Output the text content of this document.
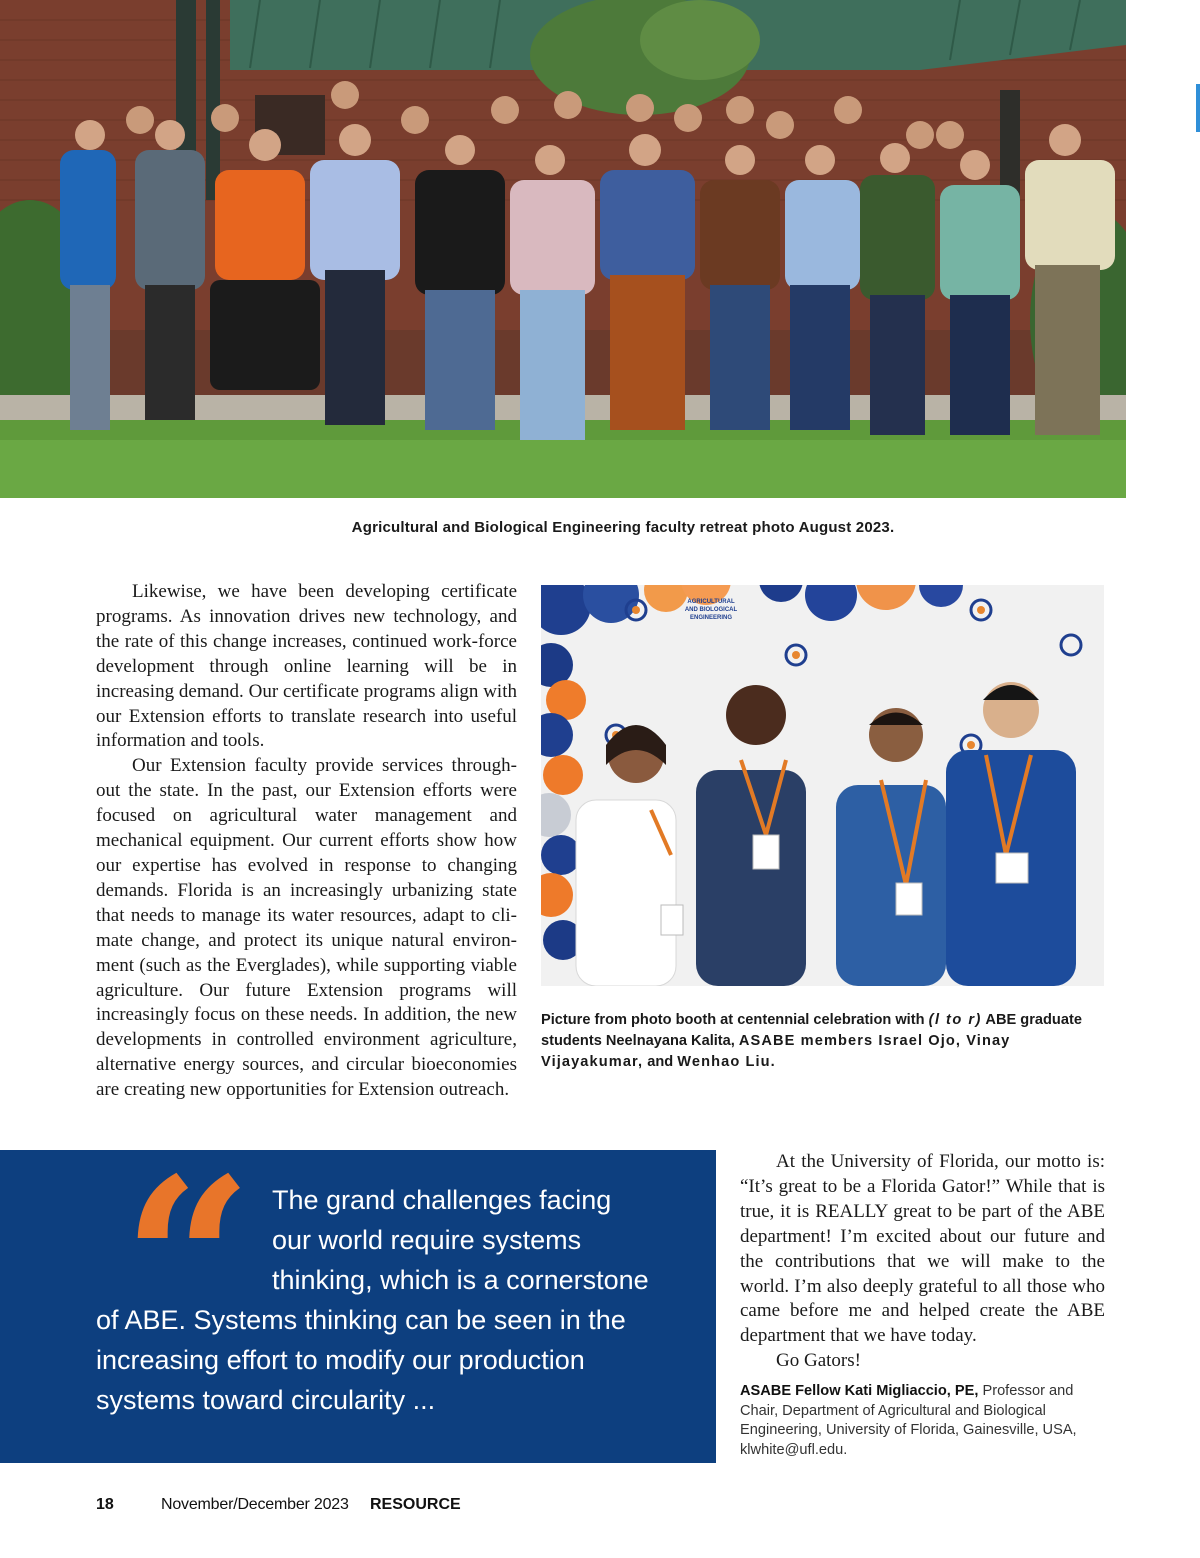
Agricultural and Biological Engineering faculty retreat photo August 2023.

Likewise, we have been developing certificate programs. As innovation drives new technology, and the rate of this change increases, continued work-force development through online learning will be in increasing demand. Our certificate programs align with our Extension efforts to translate research into useful information and tools.

Our Extension faculty provide services through-out the state. In the past, our Extension efforts were focused on agricultural water management and mechanical equipment. Our current efforts show how our expertise has evolved in response to changing demands. Florida is an increasingly urbanizing state that needs to manage its water resources, adapt to cli-mate change, and protect its unique natural environ-ment (such as the Everglades), while supporting viable agriculture. Our future Extension programs will increasingly focus on these needs. In addition, the new developments in controlled environment agriculture, alternative energy sources, and circular bioeconomies are creating new opportunities for Extension outreach.

AGRICULTURAL
AND BIOLOGICAL
ENGINEERING
Picture from photo booth at centennial celebration with (l to r) ABE graduate students Neelnayana Kalita, ASABE members Israel Ojo, Vinay Vijayakumar, and Wenhao Liu.
“ The grand challenges facing
our world require systems
thinking, which is a cornerstone
of ABE. Systems thinking can be seen in the
increasing effort to modify our production
systems toward circularity ...

At the University of Florida, our motto is: “It’s great to be a Florida Gator!” While that is true, it is REALLY great to be part of the ABE department! I’m excited about our future and the contributions that we will make to the world. I’m also deeply grateful to all those who came before me and helped create the ABE department that we have today.

Go Gators!

ASABE Fellow Kati Migliaccio, PE, Professor and Chair, Department of Agricultural and Biological Engineering, University of Florida, Gainesville, USA, klwhite@ufl.edu.
18	November/December 2023 RESOURCE
